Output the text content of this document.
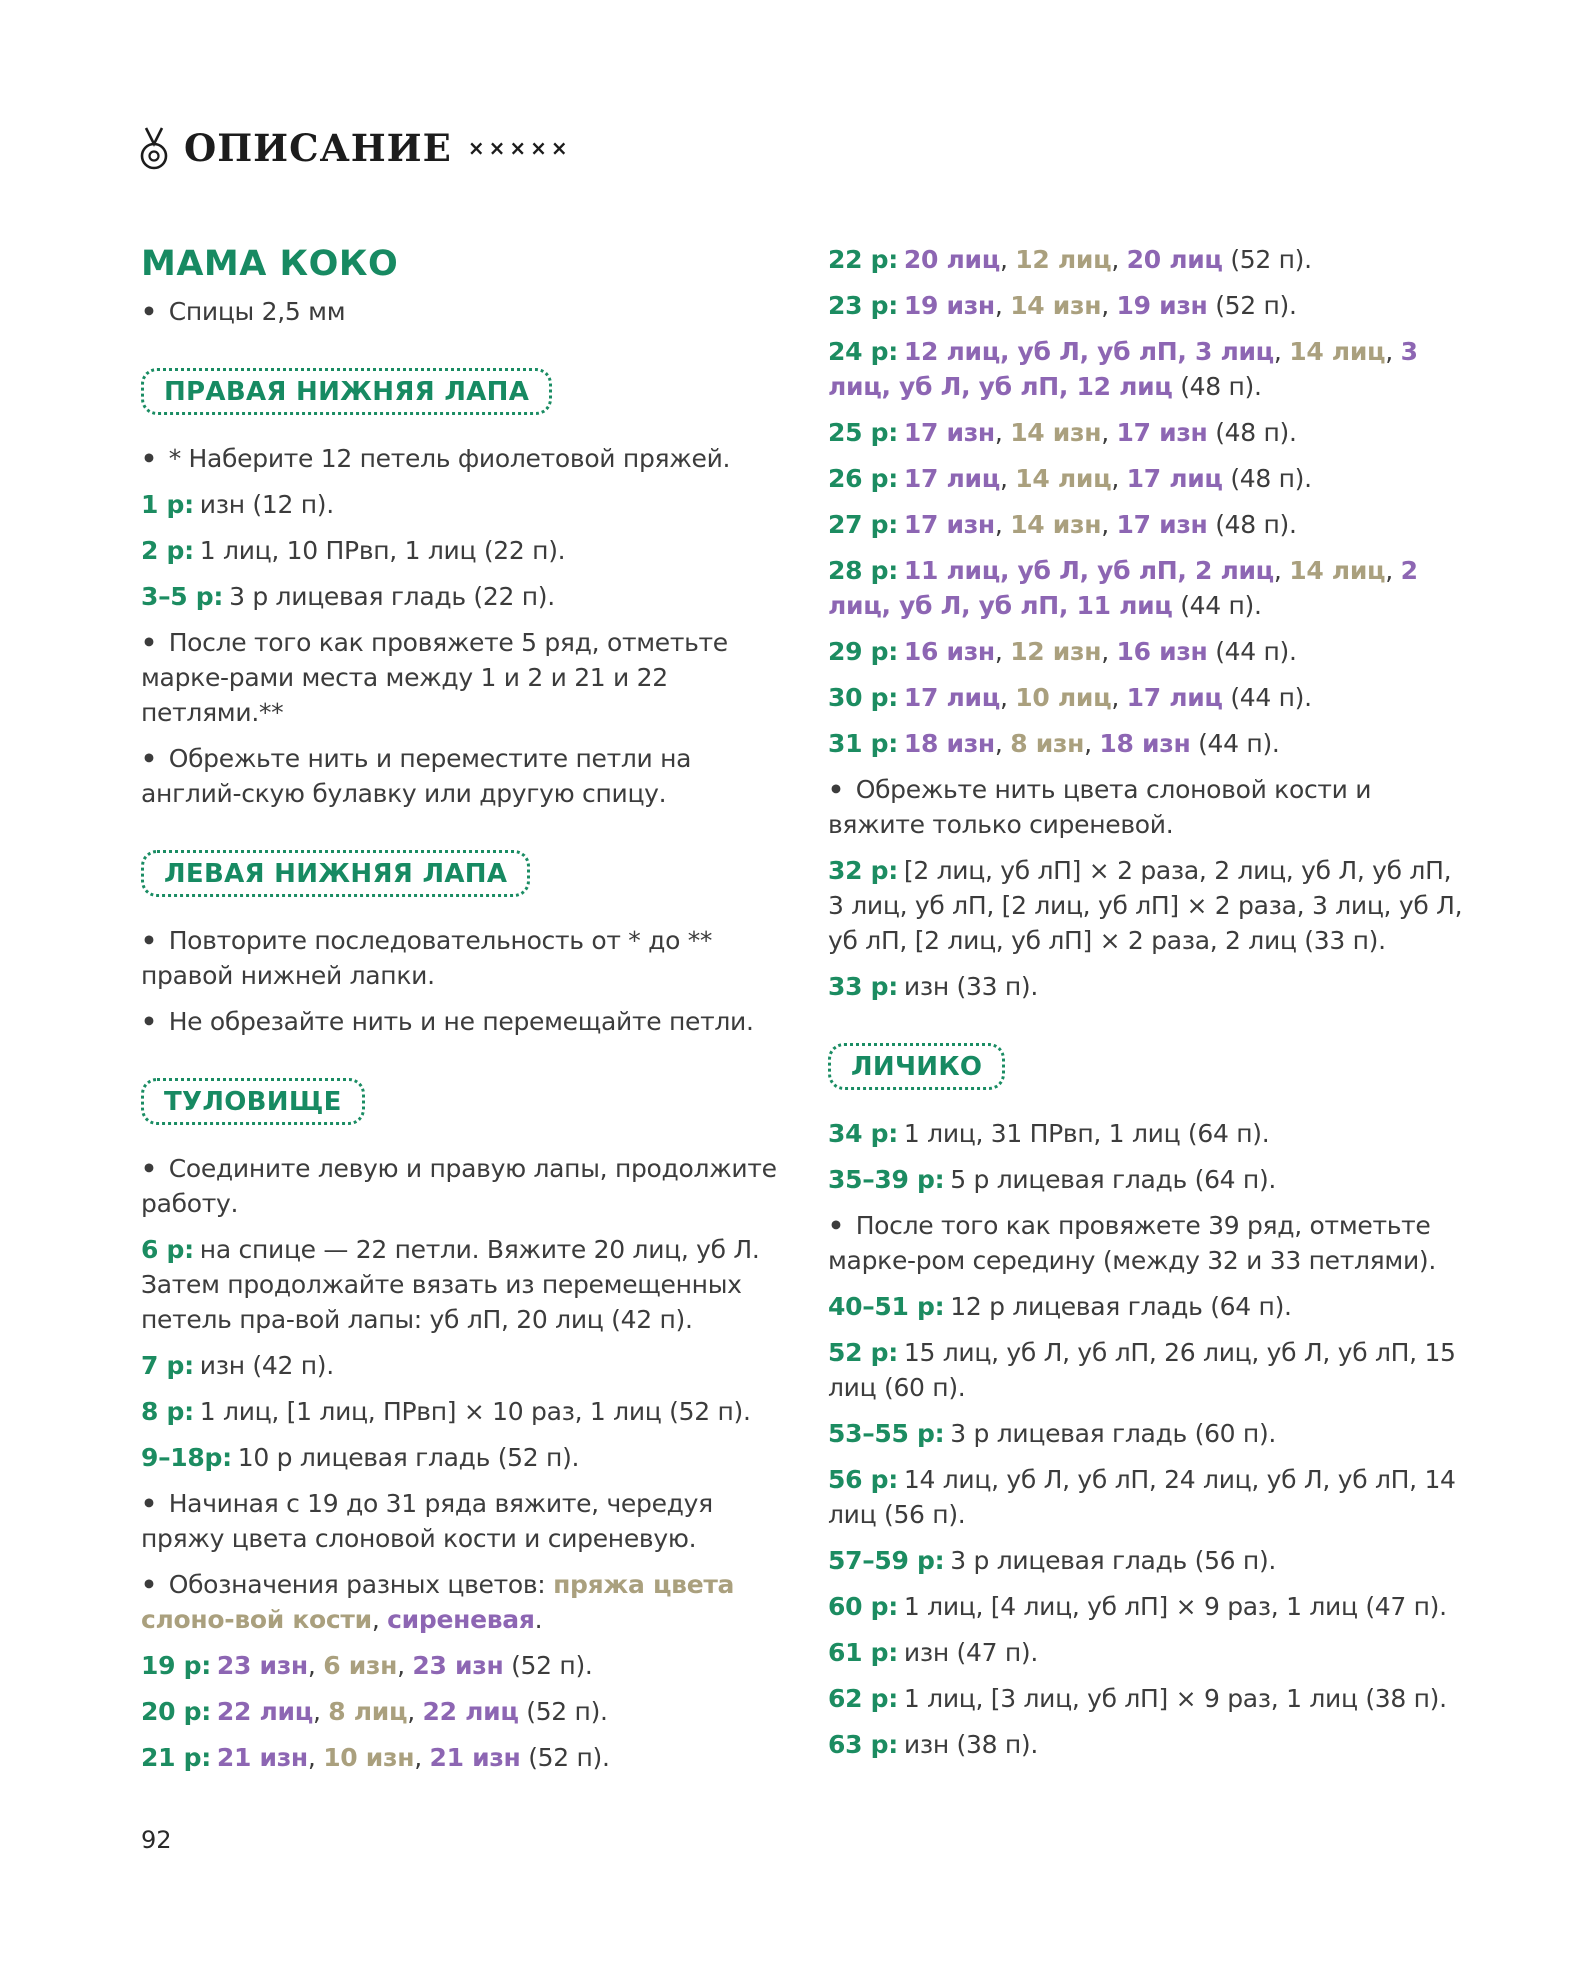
ОПИСАНИЕ ×××××
МАМА КОКО
• Спицы 2,5 мм
ПРАВАЯ НИЖНЯЯ ЛАПА
• * Наберите 12 петель фиолетовой пряжей.
1 р: изн (12 п).
2 р: 1 лиц, 10 ПРвп, 1 лиц (22 п).
3–5 р: 3 р лицевая гладь (22 п).
• После того как провяжете 5 ряд, отметьте марке-рами места между 1 и 2 и 21 и 22 петлями.**
• Обрежьте нить и переместите петли на англий-скую булавку или другую спицу.
ЛЕВАЯ НИЖНЯЯ ЛАПА
• Повторите последовательность от * до ** правой нижней лапки.
• Не обрезайте нить и не перемещайте петли.
ТУЛОВИЩЕ
• Соедините левую и правую лапы, продолжите работу.
6 р: на спице — 22 петли. Вяжите 20 лиц, уб Л. Затем продолжайте вязать из перемещенных петель пра-вой лапы: уб лП, 20 лиц (42 п).
7 р: изн (42 п).
8 р: 1 лиц, [1 лиц, ПРвп] × 10 раз, 1 лиц (52 п).
9–18р: 10 р лицевая гладь (52 п).
• Начиная с 19 до 31 ряда вяжите, чередуя пряжу цвета слоновой кости и сиреневую.
• Обозначения разных цветов: пряжа цвета слоно-вой кости, сиреневая.
19 р: 23 изн, 6 изн, 23 изн (52 п).
20 р: 22 лиц, 8 лиц, 22 лиц (52 п).
21 р: 21 изн, 10 изн, 21 изн (52 п).
22 р: 20 лиц, 12 лиц, 20 лиц (52 п).
23 р: 19 изн, 14 изн, 19 изн (52 п).
24 р: 12 лиц, уб Л, уб лП, 3 лиц, 14 лиц, 3 лиц, уб Л, уб лП, 12 лиц (48 п).
25 р: 17 изн, 14 изн, 17 изн (48 п).
26 р: 17 лиц, 14 лиц, 17 лиц (48 п).
27 р: 17 изн, 14 изн, 17 изн (48 п).
28 р: 11 лиц, уб Л, уб лП, 2 лиц, 14 лиц, 2 лиц, уб Л, уб лП, 11 лиц (44 п).
29 р: 16 изн, 12 изн, 16 изн (44 п).
30 р: 17 лиц, 10 лиц, 17 лиц (44 п).
31 р: 18 изн, 8 изн, 18 изн (44 п).
• Обрежьте нить цвета слоновой кости и вяжите только сиреневой.
32 р: [2 лиц, уб лП] × 2 раза, 2 лиц, уб Л, уб лП, 3 лиц, уб лП, [2 лиц, уб лП] × 2 раза, 3 лиц, уб Л, уб лП, [2 лиц, уб лП] × 2 раза, 2 лиц (33 п).
33 р: изн (33 п).
ЛИЧИКО
34 р: 1 лиц, 31 ПРвп, 1 лиц (64 п).
35–39 р: 5 р лицевая гладь (64 п).
• После того как провяжете 39 ряд, отметьте марке-ром середину (между 32 и 33 петлями).
40–51 р: 12 р лицевая гладь (64 п).
52 р: 15 лиц, уб Л, уб лП, 26 лиц, уб Л, уб лП, 15 лиц (60 п).
53–55 р: 3 р лицевая гладь (60 п).
56 р: 14 лиц, уб Л, уб лП, 24 лиц, уб Л, уб лП, 14 лиц (56 п).
57–59 р: 3 р лицевая гладь (56 п).
60 р: 1 лиц, [4 лиц, уб лП] × 9 раз, 1 лиц (47 п).
61 р: изн (47 п).
62 р: 1 лиц, [3 лиц, уб лП] × 9 раз, 1 лиц (38 п).
63 р: изн (38 п).
92
